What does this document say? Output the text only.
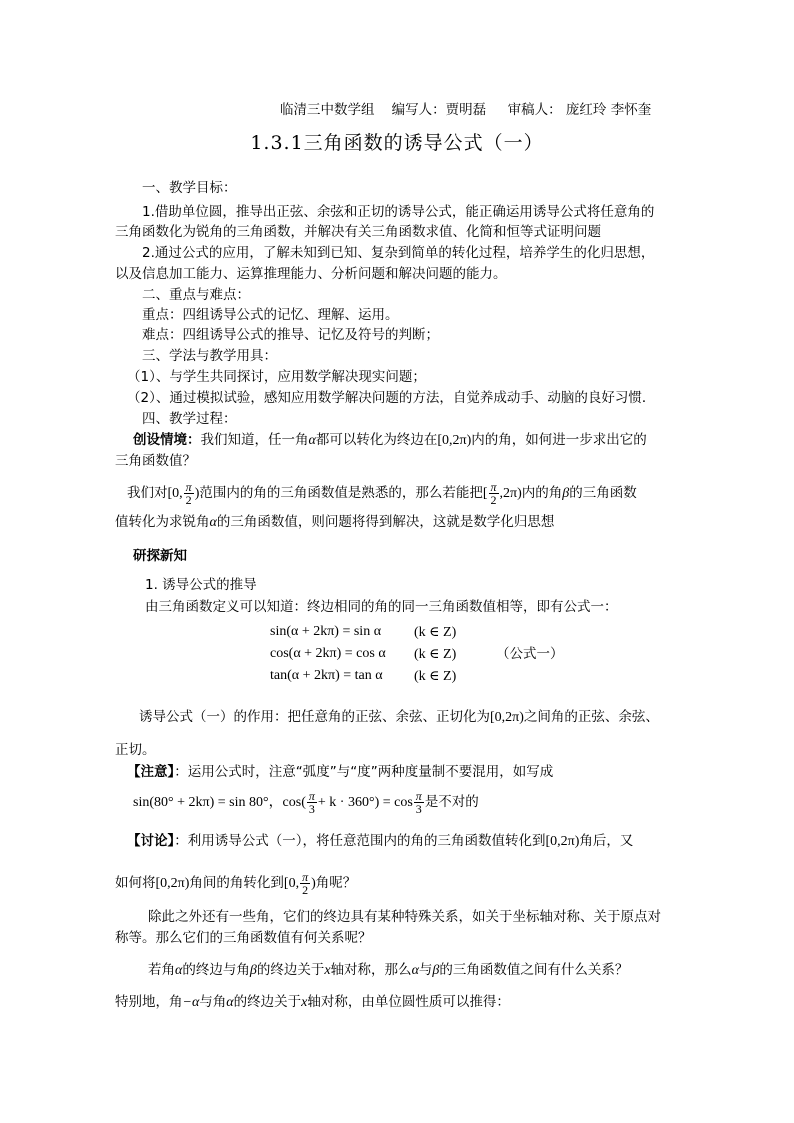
临清三中数学组 编写人：贾明磊 审稿人： 庞红玲 李怀奎
1.3.1三角函数的诱导公式（一）
一、教学目标：
1.借助单位圆，推导出正弦、余弦和正切的诱导公式，能正确运用诱导公式将任意角的
三角函数化为锐角的三角函数，并解决有关三角函数求值、化简和恒等式证明问题
2.通过公式的应用，了解未知到已知、复杂到简单的转化过程，培养学生的化归思想，
以及信息加工能力、运算推理能力、分析问题和解决问题的能力。
二、重点与难点：
重点：四组诱导公式的记忆、理解、运用。
难点：四组诱导公式的推导、记忆及符号的判断；
三、学法与教学用具：
（1）、与学生共同探讨，应用数学解决现实问题；
（2）、通过模拟试验，感知应用数学解决问题的方法，自觉养成动手、动脑的良好习惯．
四、教学过程：
创设情境：我们知道，任一角α都可以转化为终边在[0,2π)内的角，如何进一步求出它的
三角函数值？
我们对[0, $\frac{\pi}{2}$ )范围内的角的三角函数值是熟悉的，那么若能把[ $\frac{\pi}{2} ,2\pi$)内的角β的三角函数
值转化为求锐角α的三角函数值，则问题将得到解决，这就是数学化归思想
研探新知
1. 诱导公式的推导
由三角函数定义可以知道：终边相同的角的同一三角函数值相等，即有公式一：
sin(α + 2kπ) = sin α (k ∈ Z)
cos(α + 2kπ) = cos α (k ∈ Z)	（公式一）
tan(α + 2kπ) = tan α (k ∈ Z)
诱导公式（一）的作用：把任意角的正弦、余弦、正切化为[0,2π)之间角的正弦、余弦、
正切。
【注意】：运用公式时，注意“弧度”与“度”两种度量制不要混用，如写成
sin(80° + 2kπ) = sin 80°，$\cos( \frac{\pi}{3} + k \cdot 360^\circ) = \cos \frac{\pi}{3}$ 是不对的
【讨论】：利用诱导公式（一），将任意范围内的角的三角函数值转化到[0,2π)角后，又
如何将[0,2π)角间的角转化到[0, $\frac{\pi}{2}$ )角呢？
除此之外还有一些角，它们的终边具有某种特殊关系，如关于坐标轴对称、关于原点对
称等。那么它们的三角函数值有何关系呢？
若角α的终边与角β的终边关于x轴对称，那么α与β的三角函数值之间有什么关系？
特别地，角−α与角α的终边关于x轴对称，由单位圆性质可以推得：
